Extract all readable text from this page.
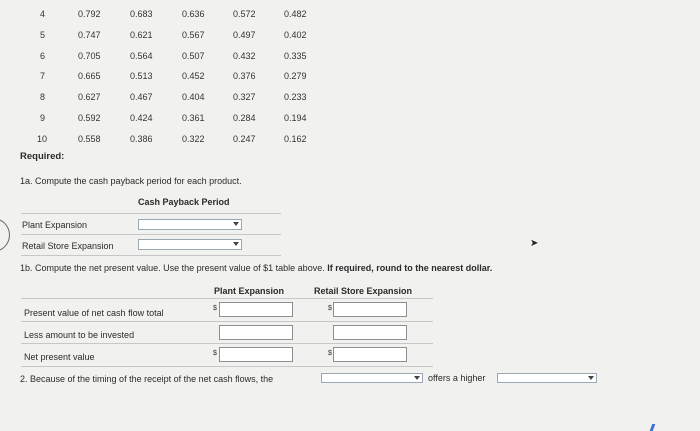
4	0.792	0.683	0.636	0.572	0.482
5	0.747	0.621	0.567	0.497	0.402
6	0.705	0.564	0.507	0.432	0.335
7	0.665	0.513	0.452	0.376	0.279
8	0.627	0.467	0.404	0.327	0.233
9	0.592	0.424	0.361	0.284	0.194
10	0.558	0.386	0.322	0.247	0.162
Required:
1a. Compute the cash payback period for each product.
Cash Payback Period
Plant Expansion
Retail Store Expansion	➤
1b. Compute the net present value. Use the present value of $1 table above. If required, round to the nearest dollar.
Plant Expansion	Retail Store Expansion
Present value of net cash flow total	$	$
Less amount to be invested
Net present value	$	$
2. Because of the timing of the receipt of the net cash flows, the	offers a higher
